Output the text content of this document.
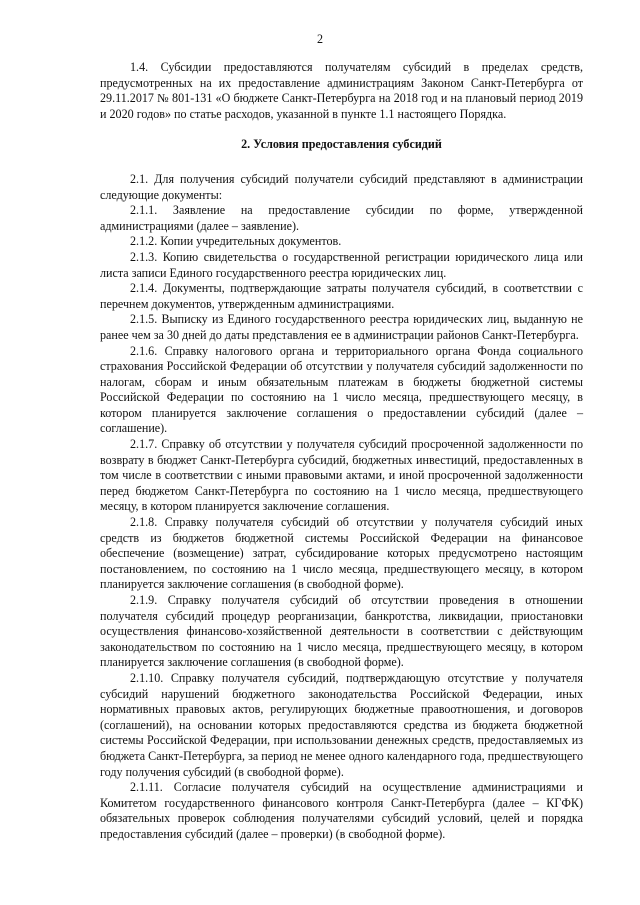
2

1.4. Субсидии предоставляются получателям субсидий в пределах средств, предусмотренных на их предоставление администрациям Законом Санкт-Петербурга от 29.11.2017 № 801-131 «О бюджете Санкт-Петербурга на 2018 год и на плановый период 2019 и 2020 годов» по статье расходов, указанной в пункте 1.1 настоящего Порядка.

2. Условия предоставления субсидий

2.1. Для получения субсидий получатели субсидий представляют в администрации следующие документы:

2.1.1. Заявление на предоставление субсидии по форме, утвержденной администрациями (далее – заявление).

2.1.2. Копии учредительных документов.

2.1.3. Копию свидетельства о государственной регистрации юридического лица или листа записи Единого государственного реестра юридических лиц.

2.1.4. Документы, подтверждающие затраты получателя субсидий, в соответствии с перечнем документов, утвержденным администрациями.

2.1.5. Выписку из Единого государственного реестра юридических лиц, выданную не ранее чем за 30 дней до даты представления ее в администрации районов Санкт-Петербурга.

2.1.6. Справку налогового органа и территориального органа Фонда социального страхования Российской Федерации об отсутствии у получателя субсидий задолженности по налогам, сборам и иным обязательным платежам в бюджеты бюджетной системы Российской Федерации по состоянию на 1 число месяца, предшествующего месяцу, в котором планируется заключение соглашения о предоставлении субсидий (далее – соглашение).

2.1.7. Справку об отсутствии у получателя субсидий просроченной задолженности по возврату в бюджет Санкт-Петербурга субсидий, бюджетных инвестиций, предоставленных в том числе в соответствии с иными правовыми актами, и иной просроченной задолженности перед бюджетом Санкт-Петербурга по состоянию на 1 число месяца, предшествующего месяцу, в котором планируется заключение соглашения.

2.1.8. Справку получателя субсидий об отсутствии у получателя субсидий иных средств из бюджетов бюджетной системы Российской Федерации на финансовое обеспечение (возмещение) затрат, субсидирование которых предусмотрено настоящим постановлением, по состоянию на 1 число месяца, предшествующего месяцу, в котором планируется заключение соглашения (в свободной форме).

2.1.9. Справку получателя субсидий об отсутствии проведения в отношении получателя субсидий процедур реорганизации, банкротства, ликвидации, приостановки осуществления финансово-хозяйственной деятельности в соответствии с действующим законодательством по состоянию на 1 число месяца, предшествующего месяцу, в котором планируется заключение соглашения (в свободной форме).

2.1.10. Справку получателя субсидий, подтверждающую отсутствие у получателя субсидий нарушений бюджетного законодательства Российской Федерации, иных нормативных правовых актов, регулирующих бюджетные правоотношения, и договоров (соглашений), на основании которых предоставляются средства из бюджета бюджетной системы Российской Федерации, при использовании денежных средств, предоставляемых из бюджета Санкт-Петербурга, за период не менее одного календарного года, предшествующего году получения субсидий (в свободной форме).

2.1.11. Согласие получателя субсидий на осуществление администрациями и Комитетом государственного финансового контроля Санкт-Петербурга (далее – КГФК) обязательных проверок соблюдения получателями субсидий условий, целей и порядка предоставления субсидий (далее – проверки) (в свободной форме).
